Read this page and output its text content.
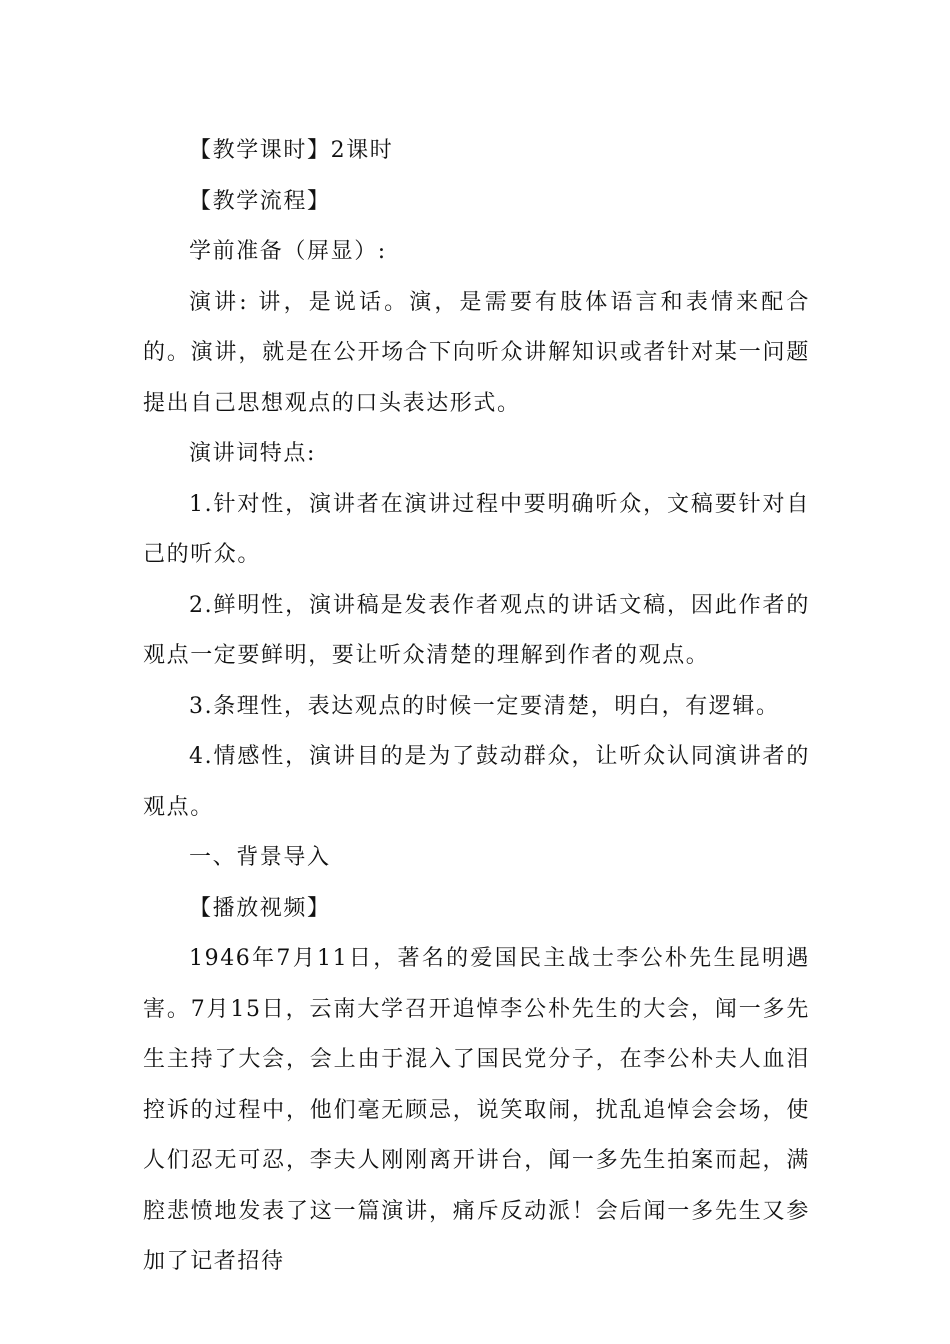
【教学课时】2课时

【教学流程】

学前准备（屏显）:

演讲: 讲，是说话。演，是需要有肢体语言和表情来配合的。演讲，就是在公开场合下向听众讲解知识或者针对某一问题提出自己思想观点的口头表达形式。

演讲词特点:

1.针对性，演讲者在演讲过程中要明确听众，文稿要针对自己的听众。

2.鲜明性，演讲稿是发表作者观点的讲话文稿，因此作者的观点一定要鲜明，要让听众清楚的理解到作者的观点。

3.条理性，表达观点的时候一定要清楚，明白，有逻辑。

4.情感性，演讲目的是为了鼓动群众，让听众认同演讲者的观点。

一、背景导入

【播放视频】

1946年7月11日，著名的爱国民主战士李公朴先生昆明遇害。7月15日，云南大学召开追悼李公朴先生的大会，闻一多先生主持了大会，会上由于混入了国民党分子，在李公朴夫人血泪控诉的过程中，他们毫无顾忌，说笑取闹，扰乱追悼会会场，使人们忍无可忍，李夫人刚刚离开讲台，闻一多先生拍案而起，满腔悲愤地发表了这一篇演讲，痛斥反动派！会后闻一多先生又参加了记者招待
